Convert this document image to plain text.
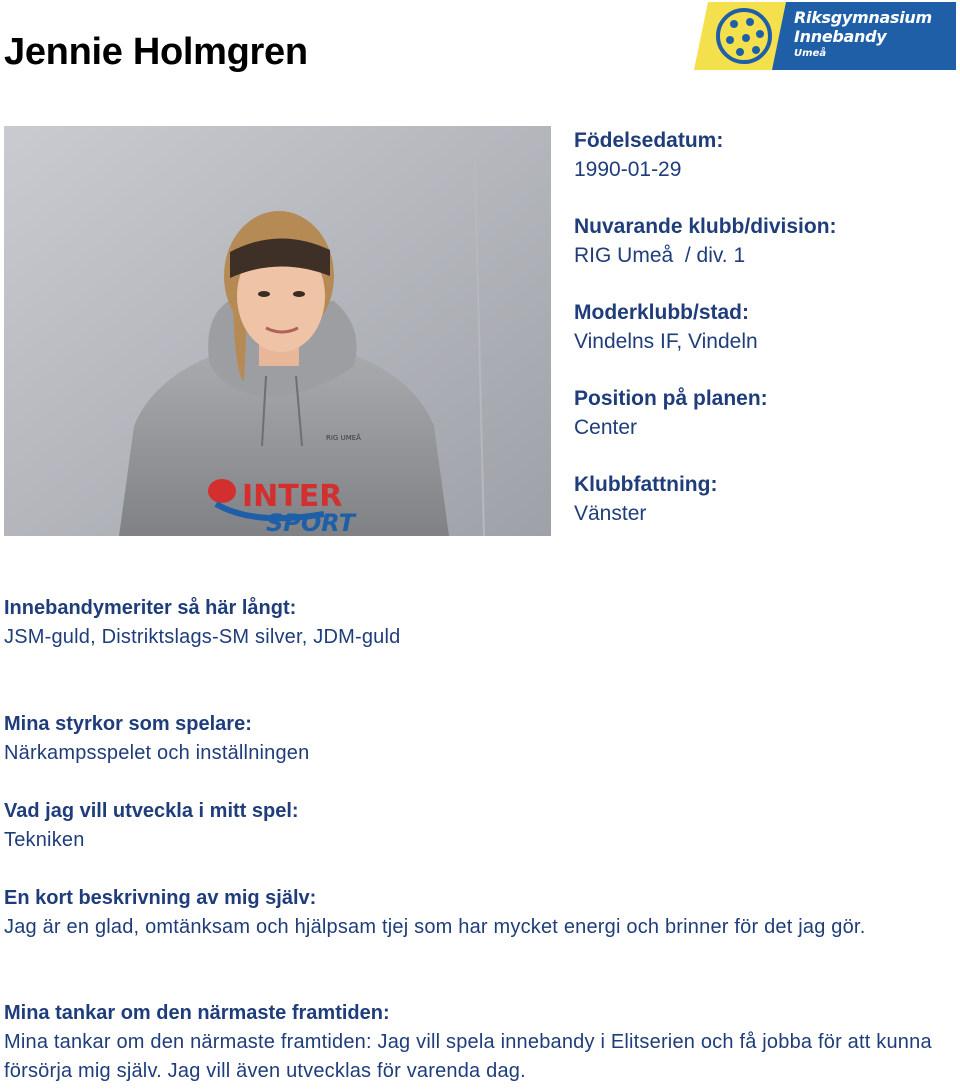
Jennie Holmgren
Riksgymnasium
Innebandy
Umeå
INTER
SPORT
RIG UMEÅ
Födelsedatum:
1990-01-29
Nuvarande klubb/division:
RIG Umeå  / div. 1
Moderklubb/stad:
Vindelns IF, Vindeln
Position på planen:
Center
Klubbfattning:
Vänster
Innebandymeriter så här långt:
JSM-guld, Distriktslags-SM silver, JDM-guld
Mina styrkor som spelare:
Närkampsspelet och inställningen
Vad jag vill utveckla i mitt spel:
Tekniken
En kort beskrivning av mig själv:
Jag är en glad, omtänksam och hjälpsam tjej som har mycket energi och brinner för det jag gör.
Mina tankar om den närmaste framtiden:
Mina tankar om den närmaste framtiden: Jag vill spela innebandy i Elitserien och få jobba för att kunna försörja mig själv. Jag vill även utvecklas för varenda dag.
